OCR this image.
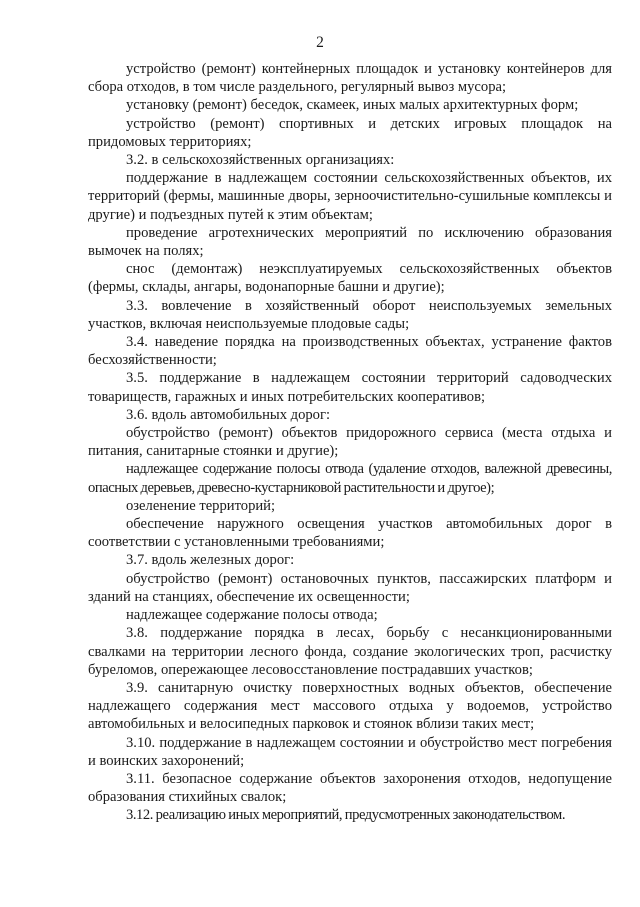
2

устройство (ремонт) контейнерных площадок и установку контейнеров для сбора отходов, в том числе раздельного, регулярный вывоз мусора;

установку (ремонт) беседок, скамеек, иных малых архитектурных форм;

устройство (ремонт) спортивных и детских игровых площадок на придомовых территориях;

3.2. в сельскохозяйственных организациях:

поддержание в надлежащем состоянии сельскохозяйственных объектов, их территорий (фермы, машинные дворы, зерноочистительно-сушильные комплексы и другие) и подъездных путей к этим объектам;

проведение агротехнических мероприятий по исключению образования вымочек на полях;

снос (демонтаж) неэксплуатируемых сельскохозяйственных объектов (фермы, склады, ангары, водонапорные башни и другие);

3.3. вовлечение в хозяйственный оборот неиспользуемых земельных участков, включая неиспользуемые плодовые сады;

3.4. наведение порядка на производственных объектах, устранение фактов бесхозяйственности;

3.5. поддержание в надлежащем состоянии территорий садоводческих товариществ, гаражных и иных потребительских кооперативов;

3.6. вдоль автомобильных дорог:

обустройство (ремонт) объектов придорожного сервиса (места отдыха и питания, санитарные стоянки и другие);

надлежащее содержание полосы отвода (удаление отходов, валежной древесины, опасных деревьев, древесно-кустарниковой растительности и другое);

озеленение территорий;

обеспечение наружного освещения участков автомобильных дорог в соответствии с установленными требованиями;

3.7. вдоль железных дорог:

обустройство (ремонт) остановочных пунктов, пассажирских платформ и зданий на станциях, обеспечение их освещенности;

надлежащее содержание полосы отвода;

3.8. поддержание порядка в лесах, борьбу с несанкционированными свалками на территории лесного фонда, создание экологических троп, расчистку буреломов, опережающее лесовосстановление пострадавших участков;

3.9. санитарную очистку поверхностных водных объектов, обеспечение надлежащего содержания мест массового отдыха у водоемов, устройство автомобильных и велосипедных парковок и стоянок вблизи таких мест;

3.10. поддержание в надлежащем состоянии и обустройство мест погребения и воинских захоронений;

3.11. безопасное содержание объектов захоронения отходов, недопущение образования стихийных свалок;

3.12. реализацию иных мероприятий, предусмотренных законодательством.
